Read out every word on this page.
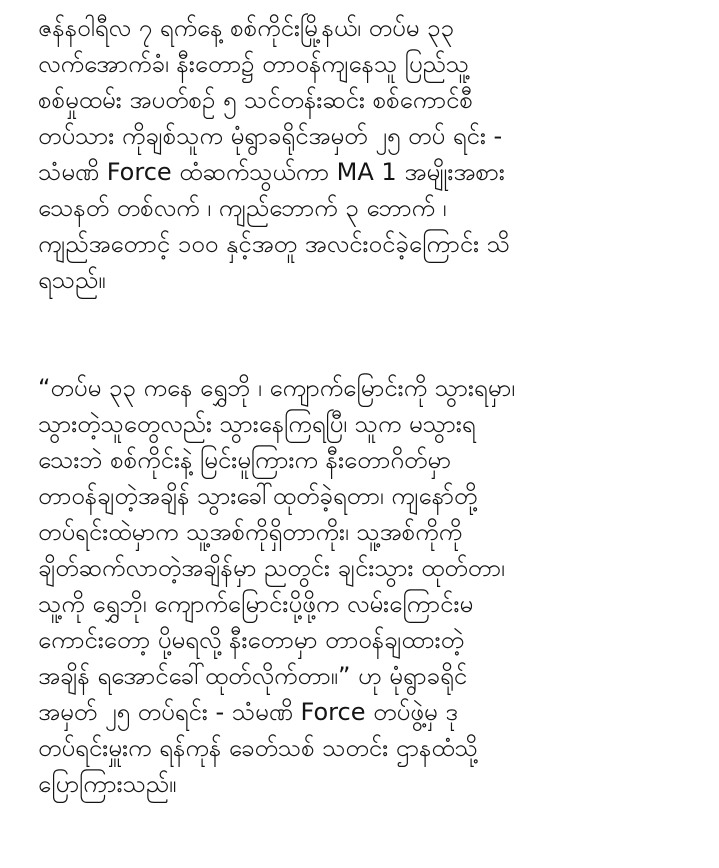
ဇန်နဝါရီလ ၇ ရက်နေ့ စစ်ကိုင်းမြို့နယ်၊ တပ်မ ၃၃
လက်အောက်ခံ၊ နီးတော၌ တာဝန်ကျနေသူ ပြည်သူ့
စစ်မှုထမ်း အပတ်စဉ် ၅ သင်တန်းဆင်း စစ်ကောင်စီ
တပ်သား ကိုချစ်သူက မုံရွာခရိုင်အမှတ် ၂၅ တပ် ရင်း -
သံမဏိ Force ထံဆက်သွယ်ကာ MA 1 အမျိုးအစား
သေနတ် တစ်လက် ၊ ကျည်ဘောက် ၃ ဘောက် ၊
ကျည်အတောင့် ၁၀၀ နှင့်အတူ အလင်းဝင်ခဲ့ကြောင်း သိ
ရသည်။
“တပ်မ ၃၃ ကနေ ရွှေဘို ၊ ကျောက်မြောင်းကို သွားရမှာ၊
သွားတဲ့သူတွေလည်း သွားနေကြရပြီ၊ သူက မသွားရ
သေးဘဲ စစ်ကိုင်းနဲ့ မြင်းမူကြားက နီးတောဂိတ်မှာ
တာဝန်ချတဲ့အချိန် သွားခေါ်ထုတ်ခဲ့ရတာ၊ ကျနော်တို့
တပ်ရင်းထဲမှာက သူ့အစ်ကိုရှိတာကိုး၊ သူ့အစ်ကိုကို
ချိတ်ဆက်လာတဲ့အချိန်မှာ ညတွင်း ချင်းသွား ထုတ်တာ၊
သူ့ကို ရွှေဘို၊ ကျောက်မြောင်းပို့ဖို့က လမ်းကြောင်းမ
ကောင်းတော့ ပို့မရလို့ နီးတောမှာ တာဝန်ချထားတဲ့
အချိန် ရအောင်ခေါ်ထုတ်လိုက်တာ။” ဟု မုံရွာခရိုင်
အမှတ် ၂၅ တပ်ရင်း - သံမဏိ Force တပ်ဖွဲ့မှ ဒု
တပ်ရင်းမှူးက ရန်ကုန် ခေတ်သစ် သတင်း ဌာနထံသို့
ပြောကြားသည်။
